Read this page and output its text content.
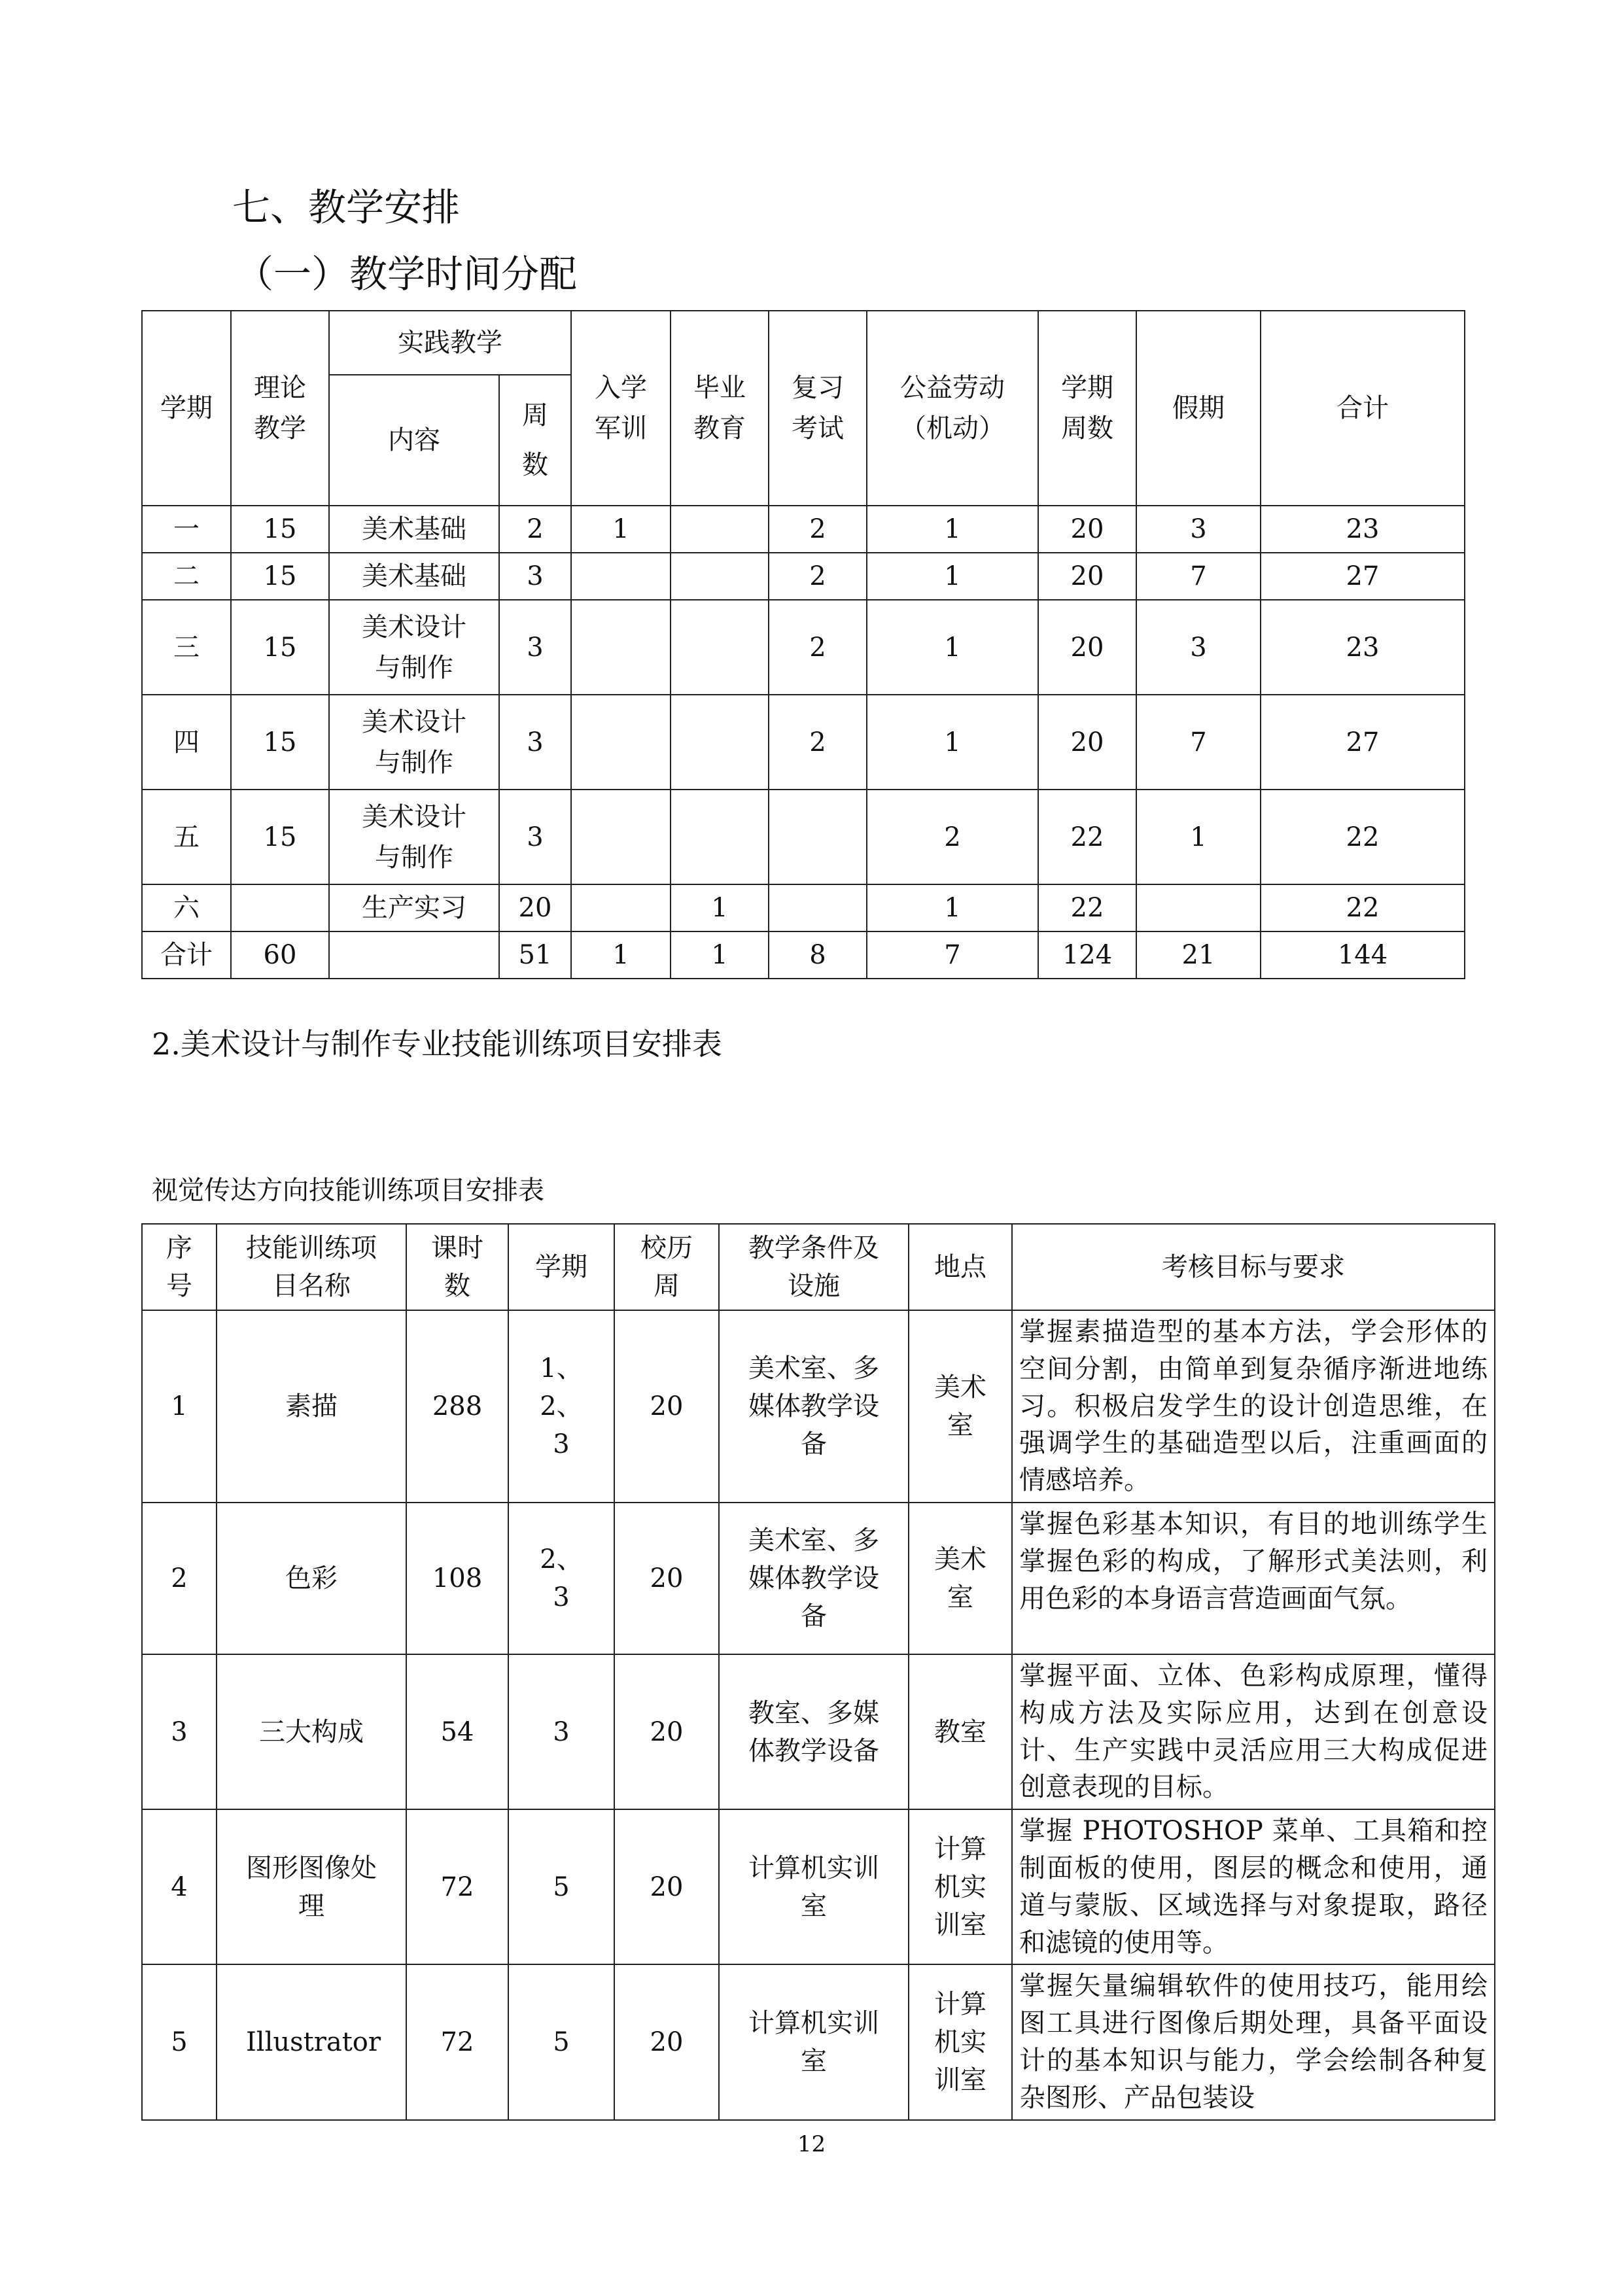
七、教学安排
（一）教学时间分配
学期	理论教学	实践教学		入学军训	毕业教育	复习考试	公益劳动（机动）	学期周数	假期	合计
		内容	周数							

一	15	美术基础	2	1		2	1	20	3	23
二	15	美术基础	3			2	1	20	7	27
三	15	美术设计与制作	3			2	1	20	3	23
四	15	美术设计与制作	3			2	1	20	7	27
五	15	美术设计与制作	3				2	22	1	22
六		生产实习	20		1		1	22		22
合计	60		51	1	1	8	7	124	21	144

2.美术设计与制作专业技能训练项目安排表

视觉传达方向技能训练项目安排表

序号	技能训练项目名称	课时数	学期	校历周	教学条件及设施	地点	考核目标与要求
1	素描	288	1、2、3	20	美术室、多媒体教学设备	美术室	掌握素描造型的基本方法，学会形体的空间分割，由简单到复杂循序渐进地练习。积极启发学生的设计创造思维，在强调学生的基础造型以后，注重画面的情感培养。
2	色彩	108	2、3	20	美术室、多媒体教学设备	美术室	掌握色彩基本知识，有目的地训练学生掌握色彩的构成，了解形式美法则，利用色彩的本身语言营造画面气氛。
3	三大构成	54	3	20	教室、多媒体教学设备	教室	掌握平面、立体、色彩构成原理，懂得构成方法及实际应用，达到在创意设计、生产实践中灵活应用三大构成促进创意表现的目标。
4	图形图像处理	72	5	20	计算机实训室	计算机实训室	掌握 PHOTOSHOP 菜单、工具箱和控制面板的使用，图层的概念和使用，通道与蒙版、区域选择与对象提取，路径和滤镜的使用等。
5	Illustrator	72	5	20	计算机实训室	计算机实训室	掌握矢量编辑软件的使用技巧，能用绘图工具进行图像后期处理，具备平面设计的基本知识与能力，学会绘制各种复杂图形、产品包装设

12
